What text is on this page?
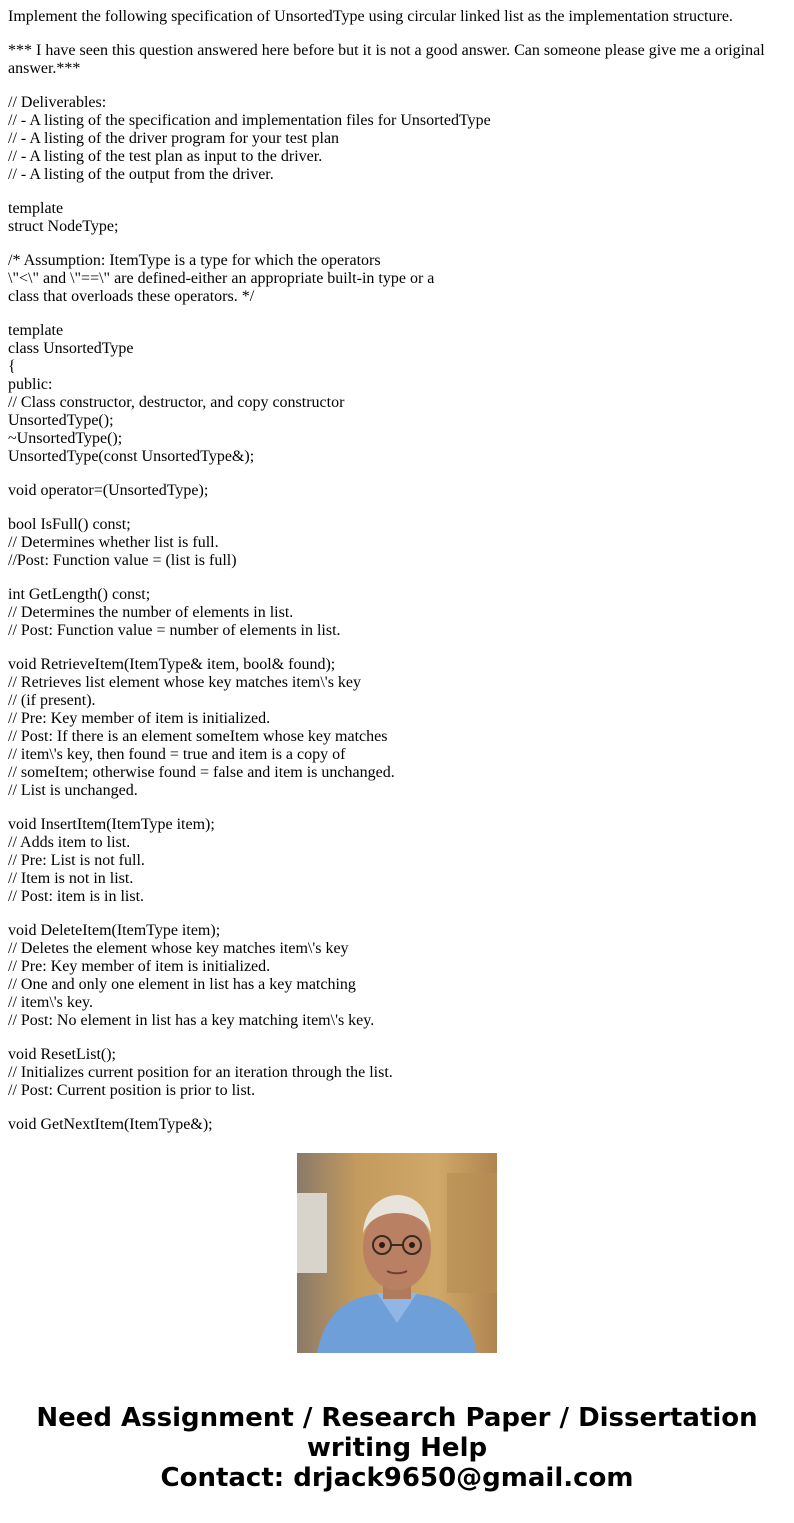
Implement the following specification of UnsortedType using circular linked list as the implementation structure.

*** I have seen this question answered here before but it is not a good answer. Can someone please give me a original answer.***

// Deliverables:
// - A listing of the specification and implementation files for UnsortedType
// - A listing of the driver program for your test plan
// - A listing of the test plan as input to the driver.
// - A listing of the output from the driver.

template
struct NodeType;

/* Assumption: ItemType is a type for which the operators
\"<\" and \"==\" are defined-either an appropriate built-in type or a
class that overloads these operators. */

template
class UnsortedType
{
public:
// Class constructor, destructor, and copy constructor
UnsortedType();
~UnsortedType();
UnsortedType(const UnsortedType&);

void operator=(UnsortedType);

bool IsFull() const;
// Determines whether list is full.
//Post: Function value = (list is full)

int GetLength() const;
// Determines the number of elements in list.
// Post: Function value = number of elements in list.

void RetrieveItem(ItemType& item, bool& found);
// Retrieves list element whose key matches item\'s key
// (if present).
// Pre: Key member of item is initialized.
// Post: If there is an element someItem whose key matches
// item\'s key, then found = true and item is a copy of
// someItem; otherwise found = false and item is unchanged.
// List is unchanged.

void InsertItem(ItemType item);
// Adds item to list.
// Pre: List is not full.
// Item is not in list.
// Post: item is in list.

void DeleteItem(ItemType item);
// Deletes the element whose key matches item\'s key
// Pre: Key member of item is initialized.
// One and only one element in list has a key matching
// item\'s key.
// Post: No element in list has a key matching item\'s key.

void ResetList();
// Initializes current position for an iteration through the list.
// Post: Current position is prior to list.

void GetNextItem(ItemType&);

Need Assignment / Research Paper / Dissertation
writing Help
Contact: drjack9650@gmail.com
